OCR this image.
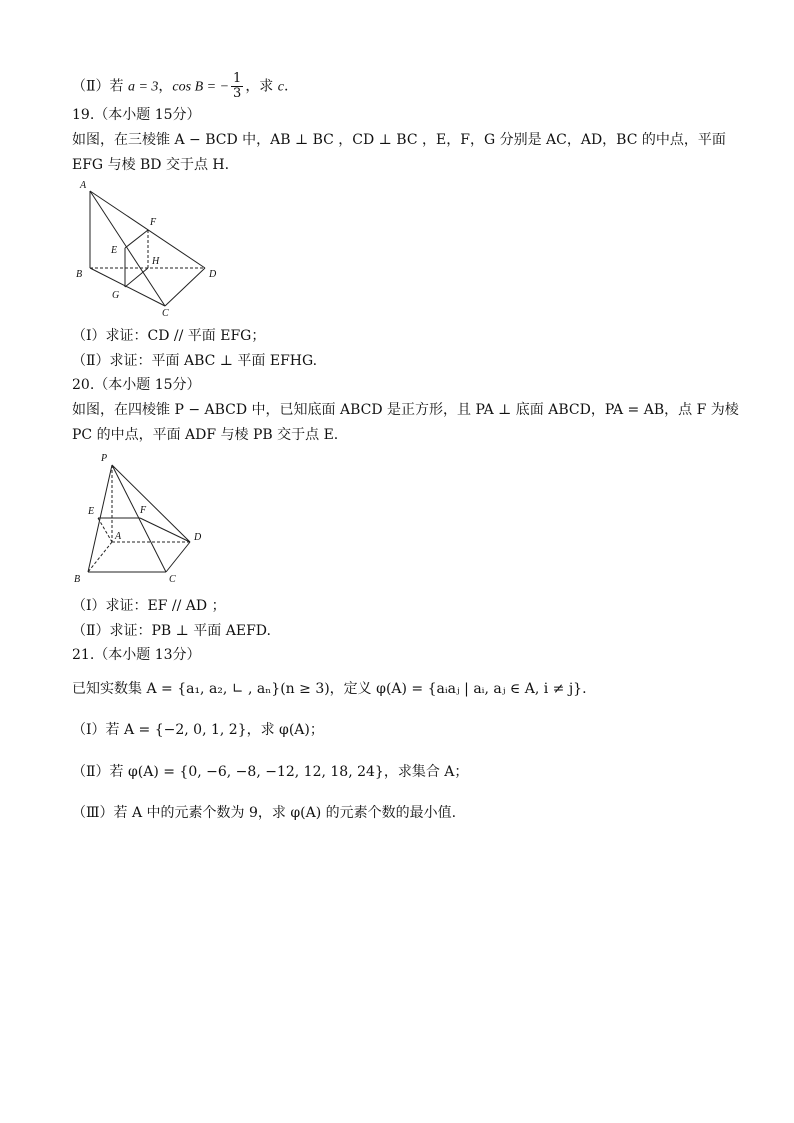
（Ⅱ）若 a = 3，cos B = − $\frac{1}{3}$ ，求 c.
19.（本小题 15分）
如图，在三棱锥 A − BCD 中，AB ⊥ BC ，CD ⊥ BC ，E，F，G 分别是 AC，AD，BC 的中点，平面
EFG 与棱 BD 交于点 H.
A
B
C
D
E
F
G
H
（Ⅰ）求证：CD // 平面 EFG；
（Ⅱ）求证：平面 ABC ⊥ 平面 EFHG.
20.（本小题 15分）
如图，在四棱锥 P − ABCD 中，已知底面 ABCD 是正方形，且 PA ⊥ 底面 ABCD，PA = AB，点 F 为棱
PC 的中点，平面 ADF 与棱 PB 交于点 E.
P
A
B	C
D
E	F
（Ⅰ）求证：EF // AD ；
（Ⅱ）求证：PB ⊥ 平面 AEFD.
21.（本小题 13分）
已知实数集 A = {a₁, a₂, ∟ , aₙ}(n ≥ 3)，定义 φ(A) = {aᵢaⱼ | aᵢ, aⱼ ∈ A, i ≠ j}.
（Ⅰ）若 A = {−2, 0, 1, 2}，求 φ(A)；
（Ⅱ）若 φ(A) = {0, −6, −8, −12, 12, 18, 24}，求集合 A；
（Ⅲ）若 A 中的元素个数为 9，求 φ(A) 的元素个数的最小值.
